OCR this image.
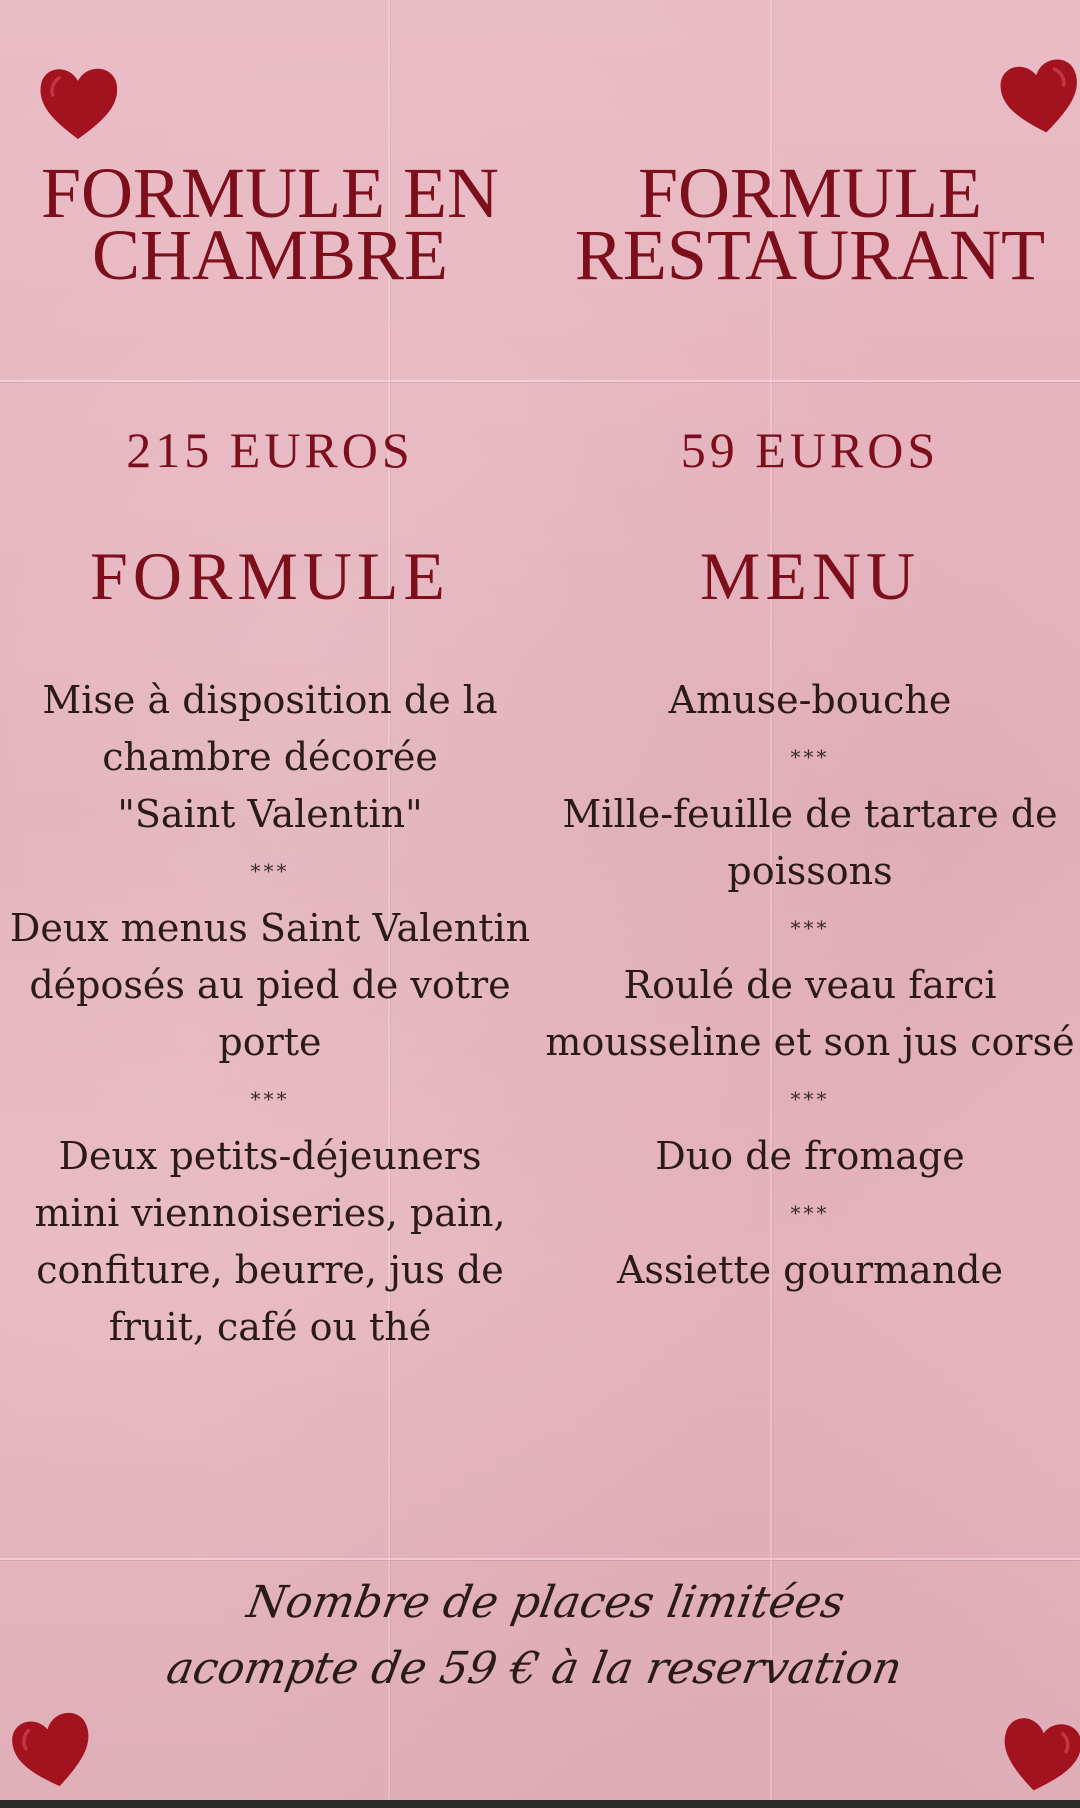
FORMULE EN
CHAMBRE
215 EUROS
FORMULE
Mise à disposition de la
chambre décorée
"Saint Valentin"
***
Deux menus Saint Valentin
déposés au pied de votre
porte
***
Deux petits-déjeuners
mini viennoiseries, pain,
confiture, beurre, jus de
fruit, café ou thé
FORMULE
RESTAURANT
59 EUROS
MENU
Amuse-bouche
***
Mille-feuille de tartare de
poissons
***
Roulé de veau farci
mousseline et son jus corsé
***
Duo de fromage
***
Assiette gourmande
Nombre de places limitées
acompte de 59 € à la reservation
